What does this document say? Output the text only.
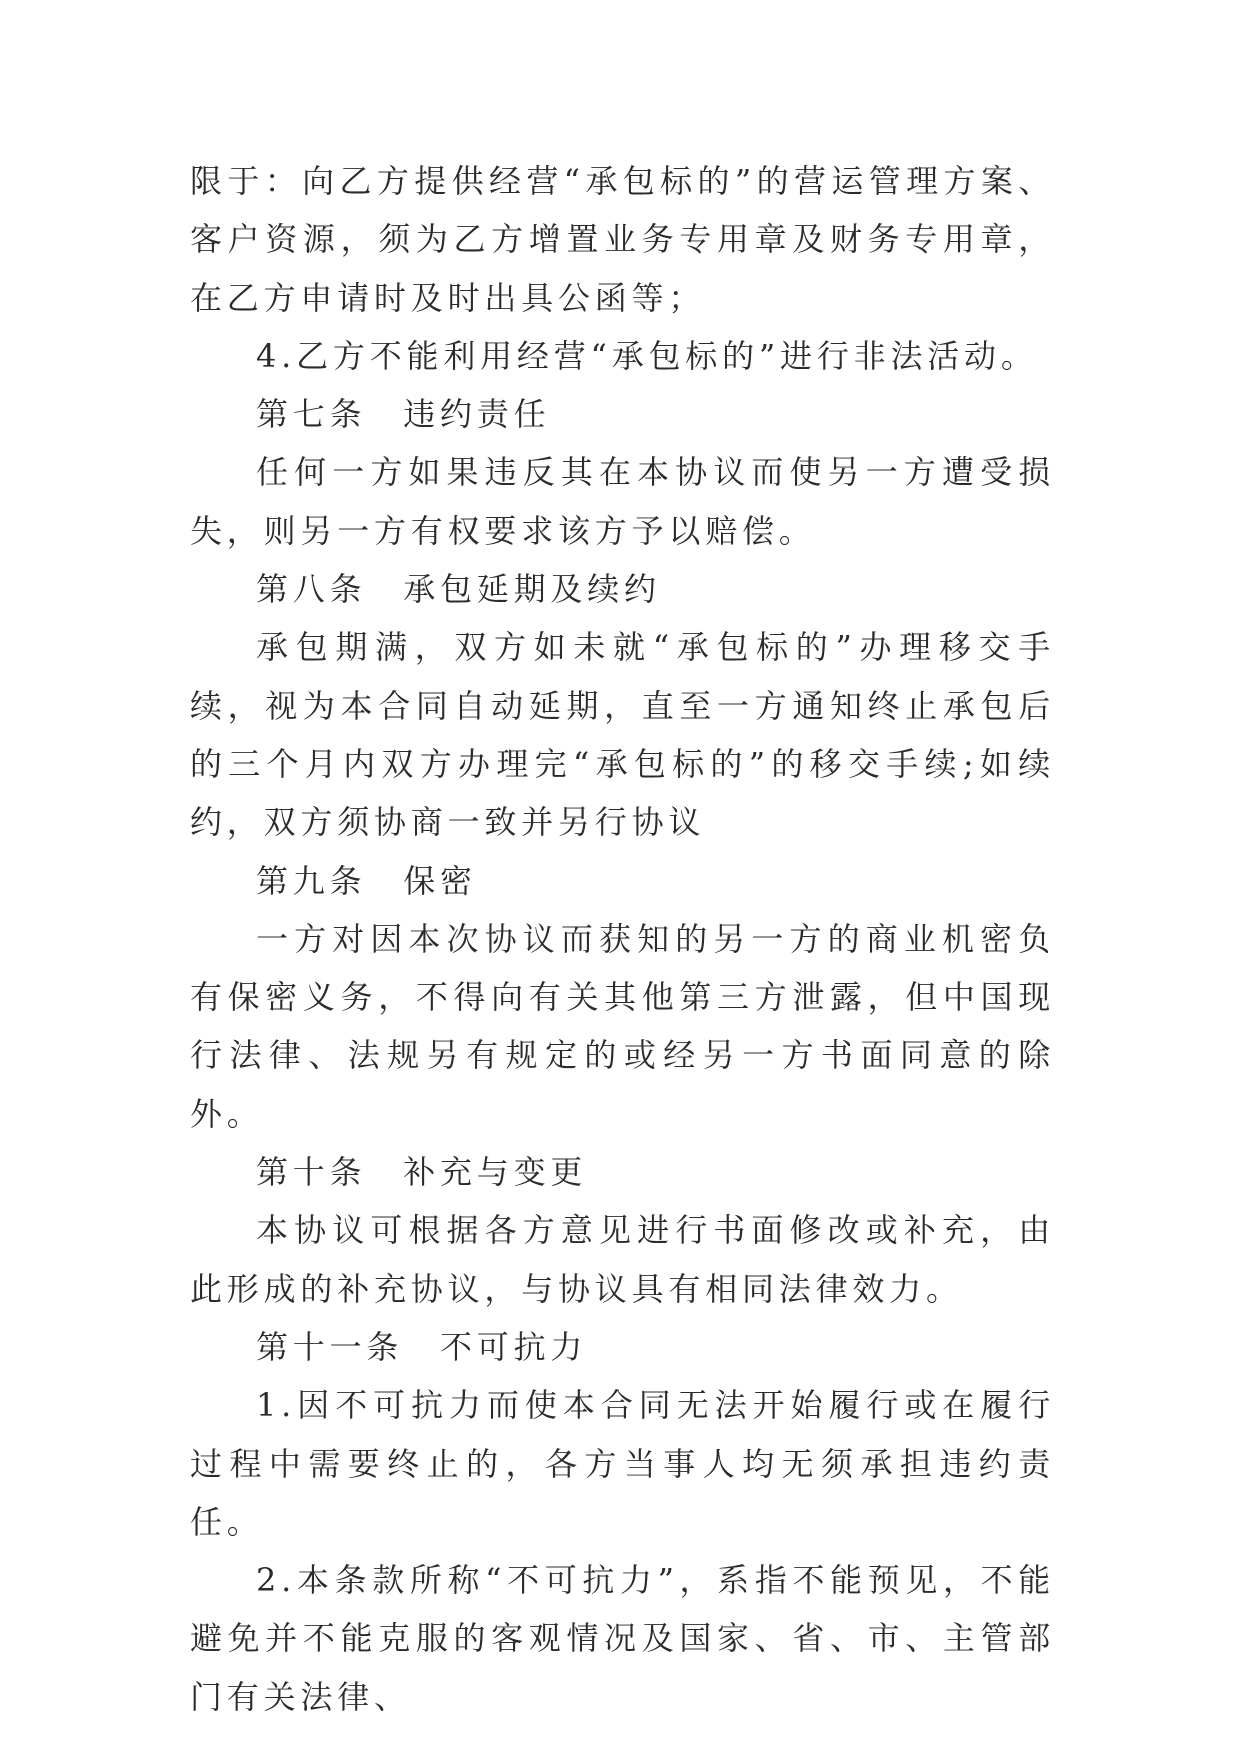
限于：向乙方提供经营“承包标的”的营运管理方案、客户资源，须为乙方增置业务专用章及财务专用章，在乙方申请时及时出具公函等；

4.乙方不能利用经营“承包标的”进行非法活动。

第七条　违约责任

任何一方如果违反其在本协议而使另一方遭受损失，则另一方有权要求该方予以赔偿。

第八条　承包延期及续约

承包期满，双方如未就“承包标的”办理移交手续，视为本合同自动延期，直至一方通知终止承包后的三个月内双方办理完“承包标的”的移交手续;如续约，双方须协商一致并另行协议

第九条　保密

一方对因本次协议而获知的另一方的商业机密负有保密义务，不得向有关其他第三方泄露，但中国现行法律、法规另有规定的或经另一方书面同意的除外。

第十条　补充与变更

本协议可根据各方意见进行书面修改或补充，由此形成的补充协议，与协议具有相同法律效力。

第十一条　不可抗力

1.因不可抗力而使本合同无法开始履行或在履行过程中需要终止的，各方当事人均无须承担违约责任。

2.本条款所称“不可抗力”，系指不能预见，不能避免并不能克服的客观情况及国家、省、市、主管部门有关法律、
